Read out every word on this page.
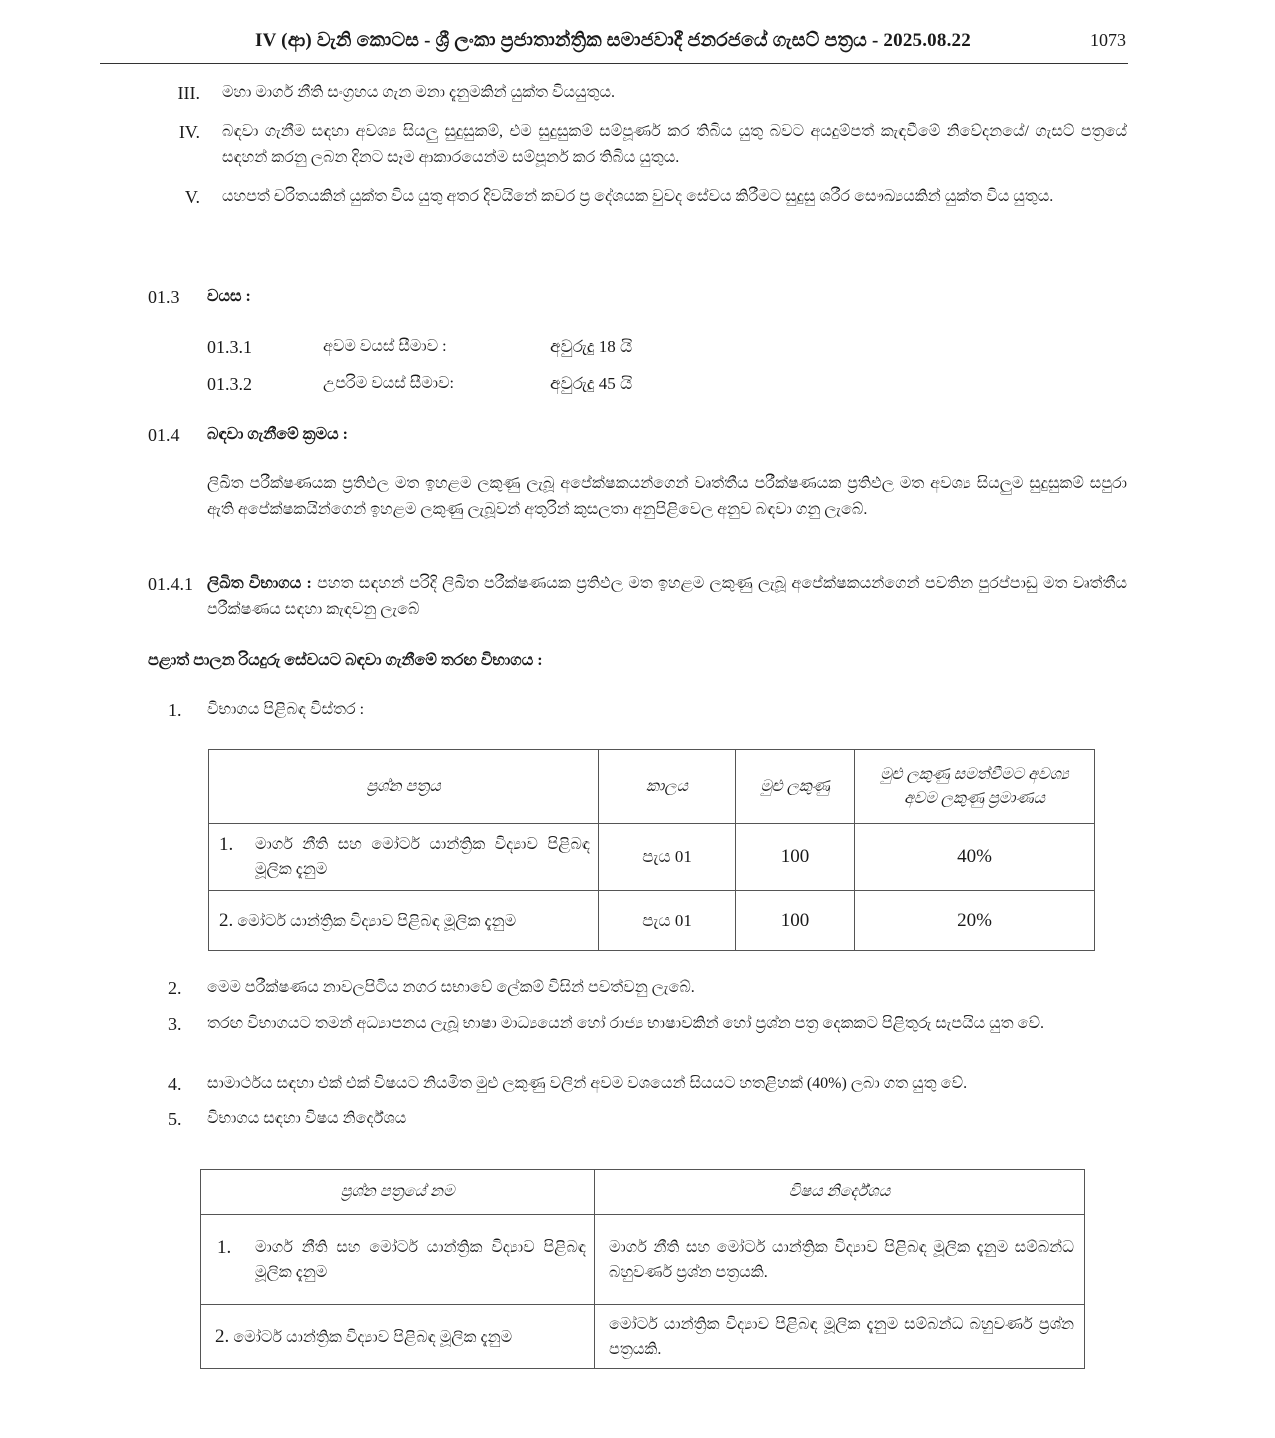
IV (ආ) වැනි කොටස - ශ්‍රී ලංකා ප්‍රජාතාන්ත්‍රික සමාජවාදී ජනරජයේ ගැසට් පත්‍රය - 2025.08.22	1073
III. මහා මාර්ග නීති සංග්‍රහය ගැන මනා දැනුමකින් යුක්ත වියයුතුය.
IV. බඳවා ගැනීම සඳහා අවශ්‍ය සියලු සුදුසුකම්, එම සුදුසුකම් සම්පූර්ණ කර තිබිය යුතු බවට අයදුම්පත් කැඳවීමේ නිවේදනයේ/ ගැසට් පත්‍රයේ සඳහන් කරනු ලබන දිනට සෑම ආකාරයෙන්ම සම්පූර්න කර තිබිය යුතුය.
V. යහපත් චරිතයකින් යුක්ත විය යුතු අතර දිවයිනේ කවර ප්‍ර දේශයක වුවද සේවය කිරීමට සුදුසු ශරීර සෞඛ්‍යයකින් යුක්ත විය යුතුය.
01.3 වයස :
01.3.1	අවම වයස් සීමාව :	අවුරුදු 18 යි
01.3.2	උපරිම වයස් සීමාව:	අවුරුදු 45 යි
01.4 බඳවා ගැනීමේ ක්‍රමය :
ලිඛිත පරීක්ෂණයක ප්‍රතිඵල මත ඉහළම ලකුණු ලැබූ අපේක්ෂකයන්ගෙන් වෘත්තීය පරීක්ෂණයක ප්‍රතිඵල මත අවශ්‍ය සියලුම සුදුසුකම් සපුරා ඇති අපේක්ෂකයින්ගෙන් ඉහළම ලකුණු ලැබූවන් අතුරින් කුසලතා අනුපිළිවෙල අනුව බඳවා ගනු ලැබේ.
01.4.1 ලිඛිත විභාගය : පහත සඳහන් පරිදි ලිඛිත පරීක්ෂණයක ප්‍රතිඵල මත ඉහළම ලකුණු ලැබූ අපේක්ෂකයන්ගෙන් පවතින පුරප්පාඩු මත වෘත්තීය පරීක්ෂණය සඳහා කැඳවනු ලැබේ
පළාත් පාලන රියදුරු සේවයට බඳවා ගැනීමේ තරඟ විභාගය :
1. විභාගය පිළිබඳ විස්තර :
ප්‍රශ්න පත්‍රය	කාලය	මුළු ලකුණු	මුළු ලකුණු සමත්වීමට අවශ්‍ය අවම ලකුණු ප්‍රමාණය

1. මාර්ග නීති සහ මෝටර් යාන්ත්‍රික විද්‍යාව පිළිබඳ මූලික දැනුම	පැය 01	100	40%
2. මෝටර් යාන්ත්‍රික විද්‍යාව පිළිබඳ මූලික දැනුම	පැය 01	100	20%
2. මෙම පරීක්ෂණය නාවලපිටිය නගර සභාවේ ලේකම් විසින් පවත්වනු ලැබේ.
3. තරඟ විභාගයට තමන් අධ්‍යාපනය ලැබූ භාෂා මාධ්‍යයෙන් හෝ රාජ්‍ය භාෂාවකින් හෝ ප්‍රශ්න පත්‍ර දෙකකට පිළිතුරු සැපයිය යුත වේ.
4. සාමාර්ථය සඳහා එක් එක් විෂයට නියමිත මුළු ලකුණු වලින් අවම වශයෙන් සියයට හතළිහක් (40%) ලබා ගත යුතු වේ.
5. විභාගය සඳහා විෂය නිර්දේශය
ප්‍රශ්න පත්‍රයේ නම	විෂය නිර්දේශය

1. මාර්ග නීති සහ මෝටර් යාන්ත්‍රික විද්‍යාව පිළිබඳ මූලික දැනුම	මාර්ග නීති සහ මෝටර් යාන්ත්‍රික විද්‍යාව පිළිබඳ මූලික දැනුම සම්බන්ධ බහුවර්ණ ප්‍රශ්න පත්‍රයකි.
2. මෝටර් යාන්ත්‍රික විද්‍යාව පිළිබඳ මූලික දැනුම	මෝටර් යාන්ත්‍රික විද්‍යාව පිළිබඳ මූලික දැනුම සම්බන්ධ බහුවර්ණ ප්‍රශ්න පත්‍රයකි.
